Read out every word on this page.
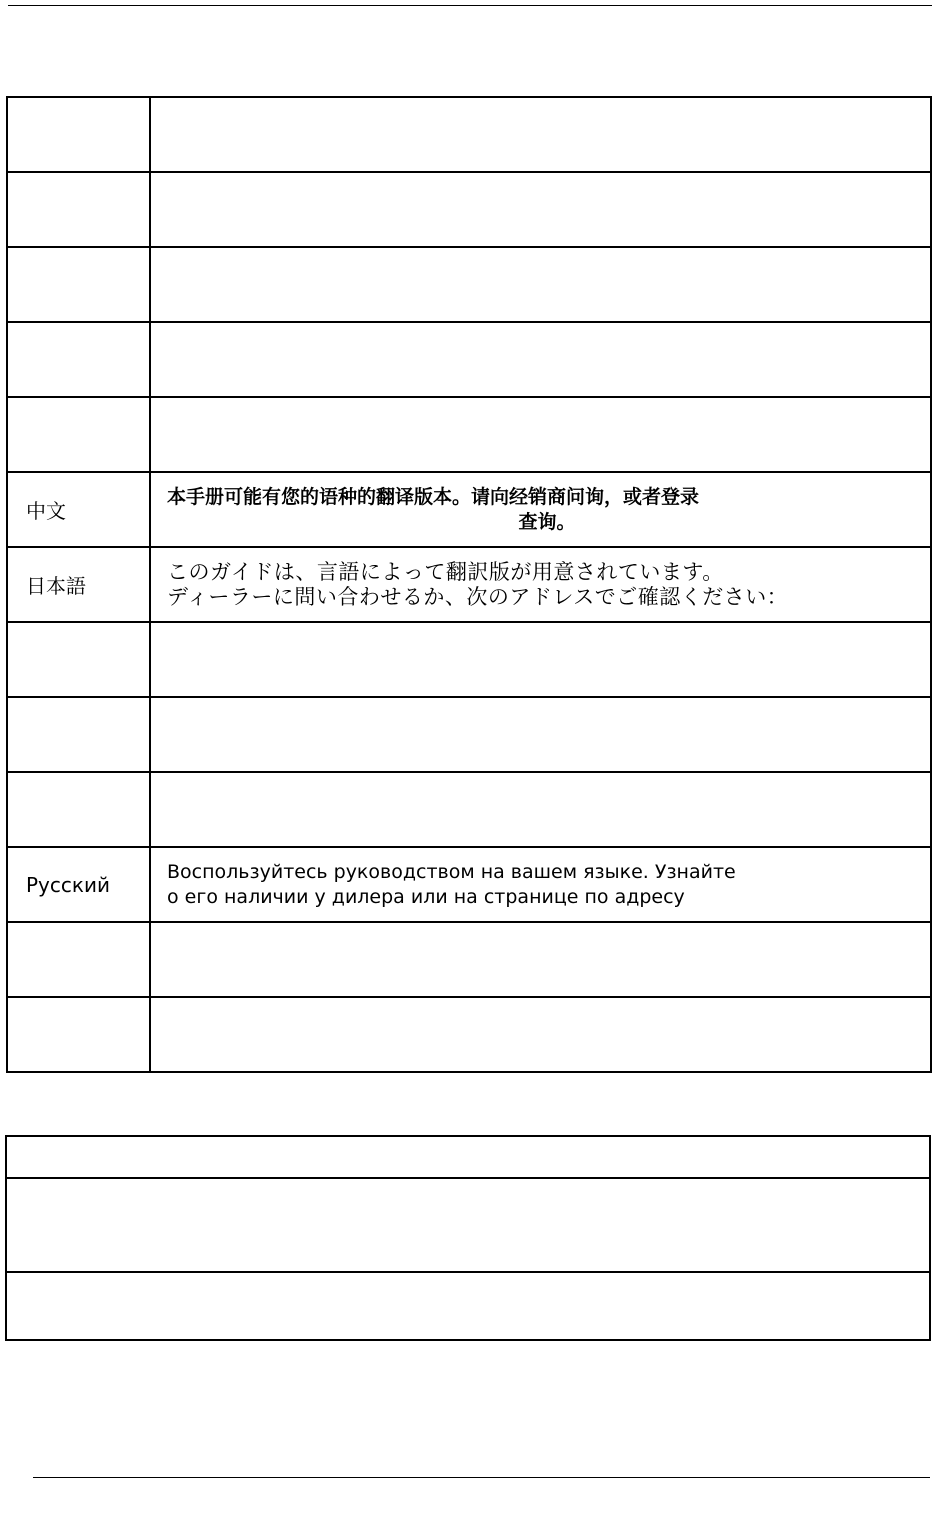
中文	本手册可能有您的语种的翻译版本。请向经销商问询，或者登录
查询。

日本語	このガイドは、言語によって翻訳版が用意されています。
ディーラーに問い合わせるか、次のアドレスでご確認ください：

Русский	Воспользуйтесь руководством на вашем языке. Узнайте
о его наличии у дилера или на странице по адресу
